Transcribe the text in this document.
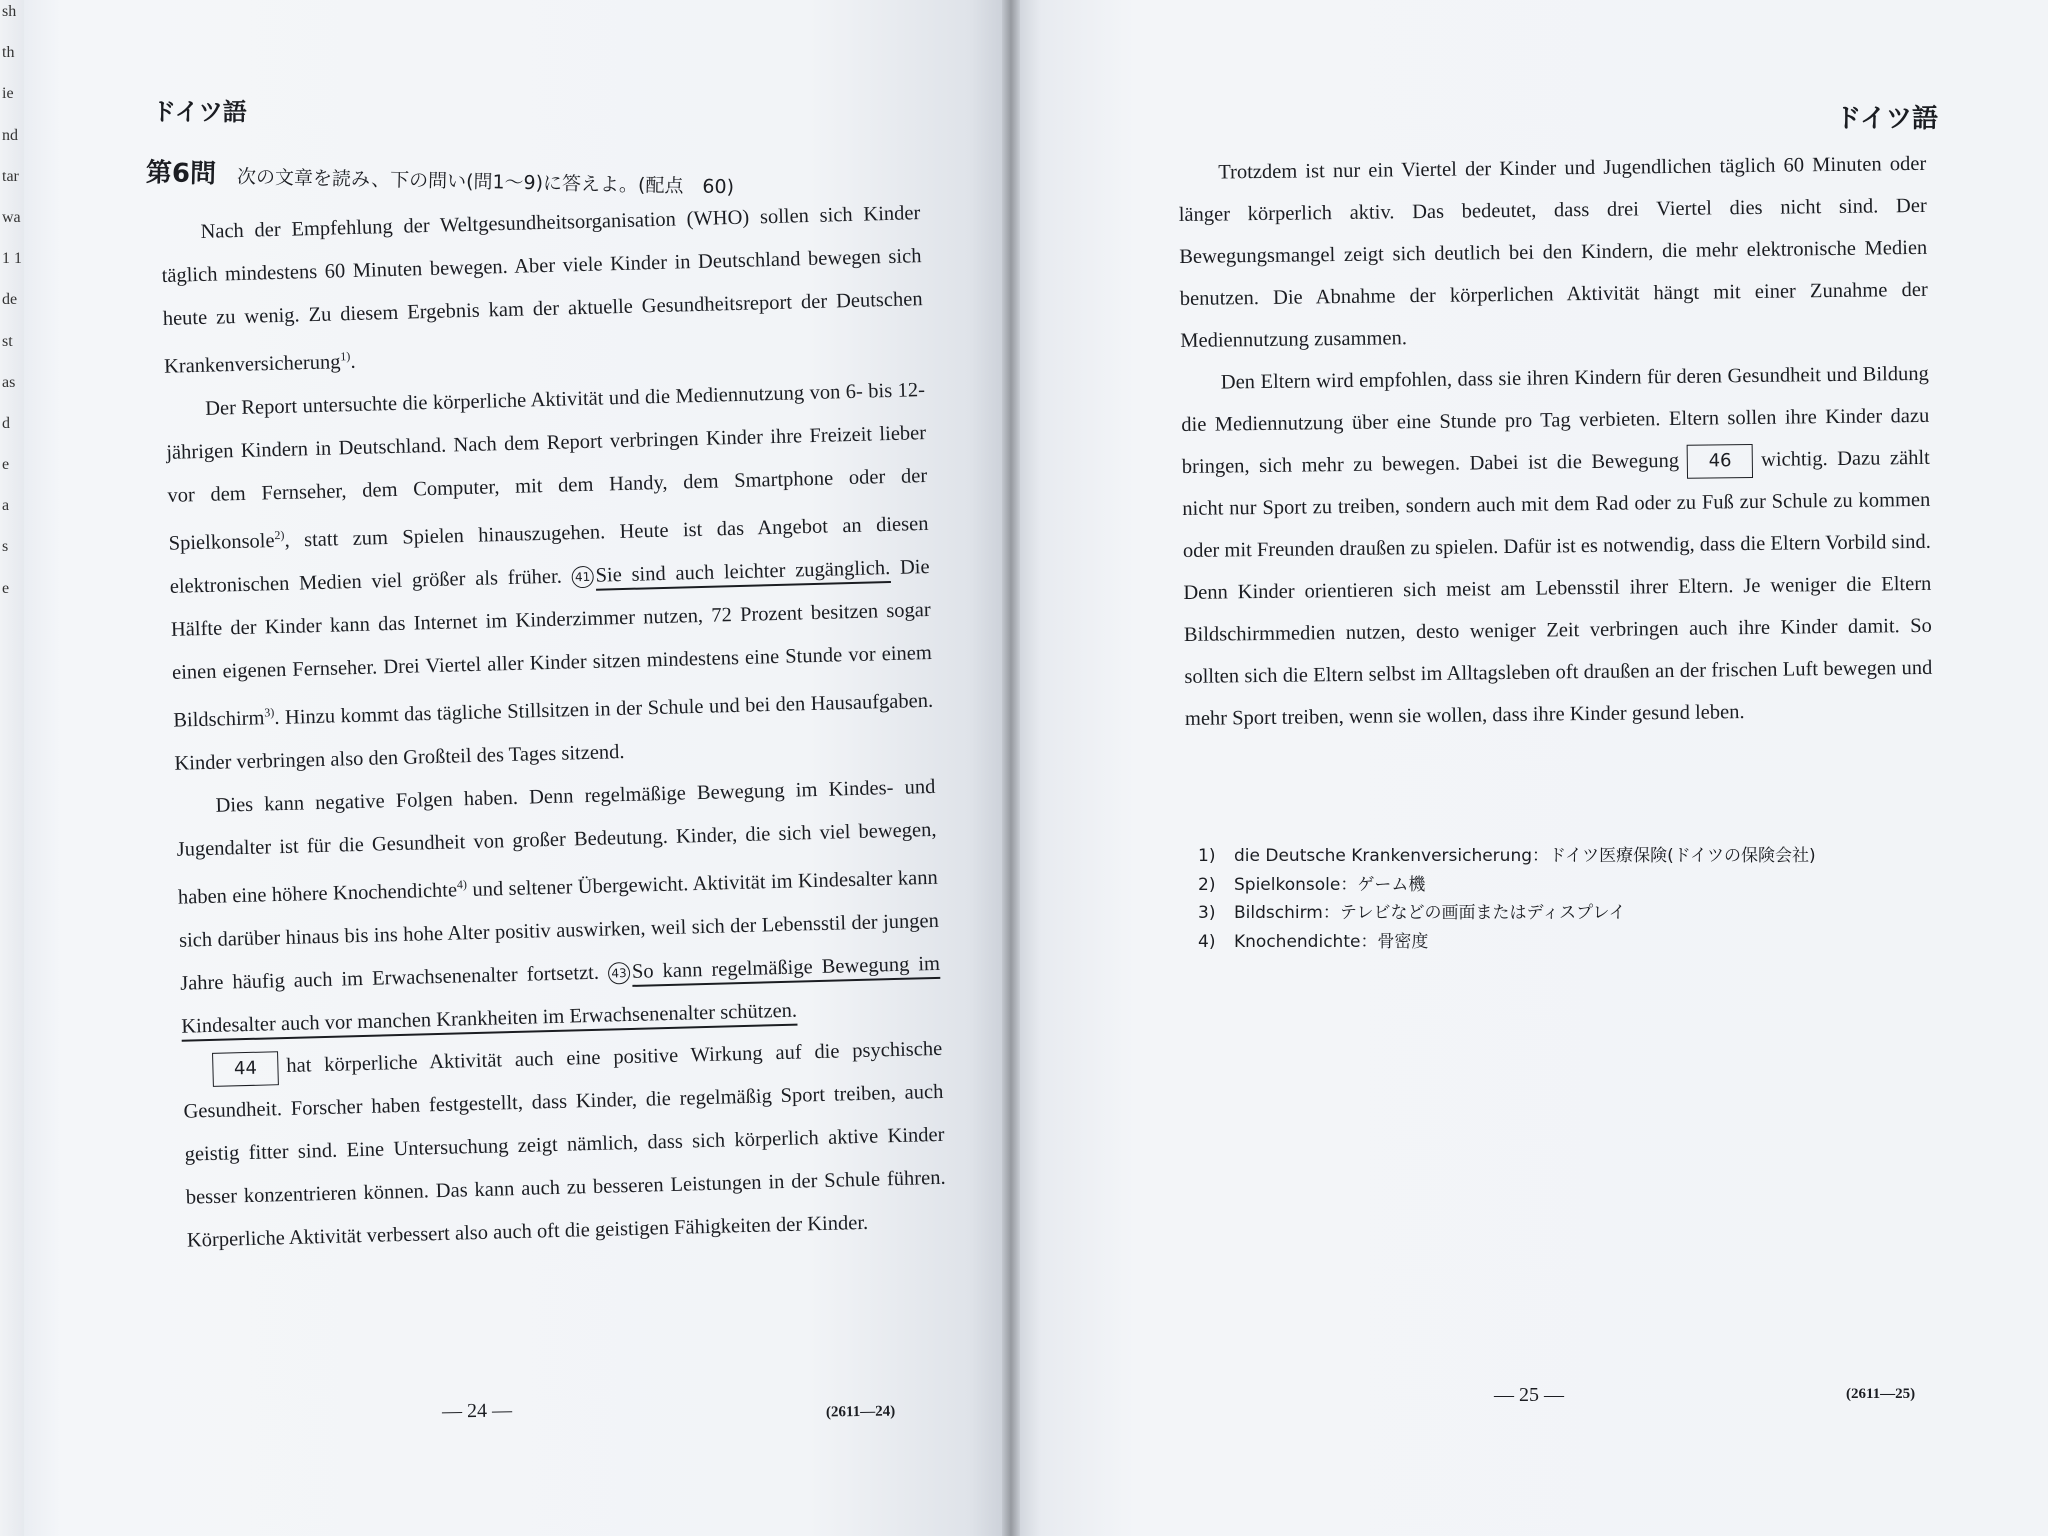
sh
th
ie
nd
tar
wa
1 1
de
st
as
d
e
a
s
e
ドイツ語
第6問 次の文章を読み、下の問い(問1～9)に答えよ。(配点　60)

Nach der Empfehlung der Weltgesundheitsorganisation (WHO) sollen sich Kinder täglich mindestens 60 Minuten bewegen. Aber viele Kinder in Deutschland bewegen sich heute zu wenig. Zu diesem Ergebnis kam der aktuelle Gesundheitsreport der Deutschen Krankenversicherung$^{1)}$.

Der Report untersuchte die körperliche Aktivität und die Mediennutzung von 6- bis 12-jährigen Kindern in Deutschland. Nach dem Report verbringen Kinder ihre Freizeit lieber vor dem Fernseher, dem Computer, mit dem Handy, dem Smartphone oder der Spielkonsole$^{2)}$, statt zum Spielen hinauszugehen. Heute ist das Angebot an diesen elektronischen Medien viel größer als früher. 41 Sie sind auch leichter zugänglich. Die Hälfte der Kinder kann das Internet im Kinderzimmer nutzen, 72 Prozent besitzen sogar einen eigenen Fernseher. Drei Viertel aller Kinder sitzen mindestens eine Stunde vor einem Bildschirm$^{3)}$. Hinzu kommt das tägliche Stillsitzen in der Schule und bei den Hausaufgaben. Kinder verbringen also den Großteil des Tages sitzend.

Dies kann negative Folgen haben. Denn regelmäßige Bewegung im Kindes- und Jugendalter ist für die Gesundheit von großer Bedeutung. Kinder, die sich viel bewegen, haben eine höhere Knochendichte$^{4)}$ und seltener Übergewicht. Aktivität im Kindesalter kann sich darüber hinaus bis ins hohe Alter positiv auswirken, weil sich der Lebensstil der jungen Jahre häufig auch im Erwachsenenalter fortsetzt. 43 So kann regelmäßige Bewegung im Kindesalter auch vor manchen Krankheiten im Erwachsenenalter schützen.

44 hat körperliche Aktivität auch eine positive Wirkung auf die psychische Gesundheit. Forscher haben festgestellt, dass Kinder, die regelmäßig Sport treiben, auch geistig fitter sind. Eine Untersuchung zeigt nämlich, dass sich körperlich aktive Kinder besser konzentrieren können. Das kann auch zu besseren Leistungen in der Schule führen. Körperliche Aktivität verbessert also auch oft die geistigen Fähigkeiten der Kinder.

— 24 —	(2611—24)
ドイツ語

Trotzdem ist nur ein Viertel der Kinder und Jugendlichen täglich 60 Minuten oder länger körperlich aktiv. Das bedeutet, dass drei Viertel dies nicht sind. Der Bewegungsmangel zeigt sich deutlich bei den Kindern, die mehr elektronische Medien benutzen. Die Abnahme der körperlichen Aktivität hängt mit einer Zunahme der Mediennutzung zusammen.

Den Eltern wird empfohlen, dass sie ihren Kindern für deren Gesundheit und Bildung die Mediennutzung über eine Stunde pro Tag verbieten. Eltern sollen ihre Kinder dazu bringen, sich mehr zu bewegen. Dabei ist die Bewegung 46 wichtig. Dazu zählt nicht nur Sport zu treiben, sondern auch mit dem Rad oder zu Fuß zur Schule zu kommen oder mit Freunden draußen zu spielen. Dafür ist es notwendig, dass die Eltern Vorbild sind. Denn Kinder orientieren sich meist am Lebensstil ihrer Eltern. Je weniger die Eltern Bildschirmmedien nutzen, desto weniger Zeit verbringen auch ihre Kinder damit. So sollten sich die Eltern selbst im Alltagsleben oft draußen an der frischen Luft bewegen und mehr Sport treiben, wenn sie wollen, dass ihre Kinder gesund leben.

1)	die Deutsche Krankenversicherung：ドイツ医療保険(ドイツの保険会社)
2)	Spielkonsole：ゲーム機
3)	Bildschirm：テレビなどの画面またはディスプレイ
4)	Knochendichte：骨密度
— 25 —	(2611—25)
